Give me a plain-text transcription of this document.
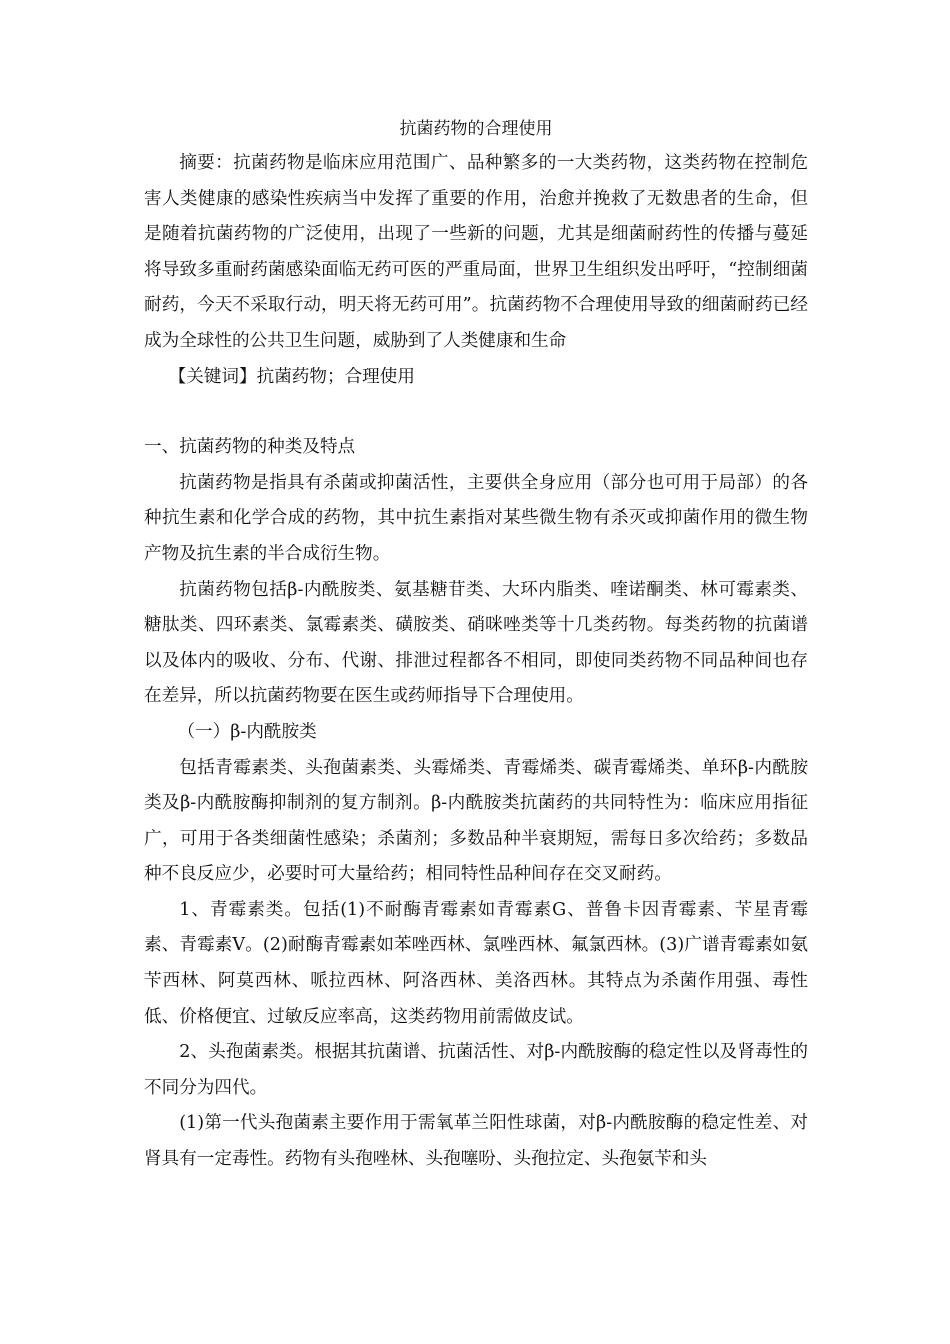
抗菌药物的合理使用

摘要：抗菌药物是临床应用范围广、品种繁多的一大类药物，这类药物在控制危害人类健康的感染性疾病当中发挥了重要的作用，治愈并挽救了无数患者的生命，但是随着抗菌药物的广泛使用，出现了一些新的问题，尤其是细菌耐药性的传播与蔓延将导致多重耐药菌感染面临无药可医的严重局面，世界卫生组织发出呼吁，“控制细菌耐药，今天不采取行动，明天将无药可用”。抗菌药物不合理使用导致的细菌耐药已经成为全球性的公共卫生问题，威胁到了人类健康和生命

【关键词】抗菌药物；合理使用

一、抗菌药物的种类及特点

抗菌药物是指具有杀菌或抑菌活性，主要供全身应用（部分也可用于局部）的各种抗生素和化学合成的药物，其中抗生素指对某些微生物有杀灭或抑菌作用的微生物产物及抗生素的半合成衍生物。

抗菌药物包括β-内酰胺类、氨基糖苷类、大环内脂类、喹诺酮类、林可霉素类、糖肽类、四环素类、氯霉素类、磺胺类、硝咪唑类等十几类药物。每类药物的抗菌谱以及体内的吸收、分布、代谢、排泄过程都各不相同，即使同类药物不同品种间也存在差异，所以抗菌药物要在医生或药师指导下合理使用。

（一）β-内酰胺类

包括青霉素类、头孢菌素类、头霉烯类、青霉烯类、碳青霉烯类、单环β-内酰胺类及β-内酰胺酶抑制剂的复方制剂。β-内酰胺类抗菌药的共同特性为：临床应用指征广，可用于各类细菌性感染；杀菌剂；多数品种半衰期短，需每日多次给药；多数品种不良反应少，必要时可大量给药；相同特性品种间存在交叉耐药。

1、青霉素类。包括(1)不耐酶青霉素如青霉素G、普鲁卡因青霉素、苄星青霉素、青霉素V。(2)耐酶青霉素如苯唑西林、氯唑西林、氟氯西林。(3)广谱青霉素如氨苄西林、阿莫西林、哌拉西林、阿洛西林、美洛西林。其特点为杀菌作用强、毒性低、价格便宜、过敏反应率高，这类药物用前需做皮试。

2、头孢菌素类。根据其抗菌谱、抗菌活性、对β-内酰胺酶的稳定性以及肾毒性的不同分为四代。

(1)第一代头孢菌素主要作用于需氧革兰阳性球菌，对β-内酰胺酶的稳定性差、对肾具有一定毒性。药物有头孢唑林、头孢噻吩、头孢拉定、头孢氨苄和头
